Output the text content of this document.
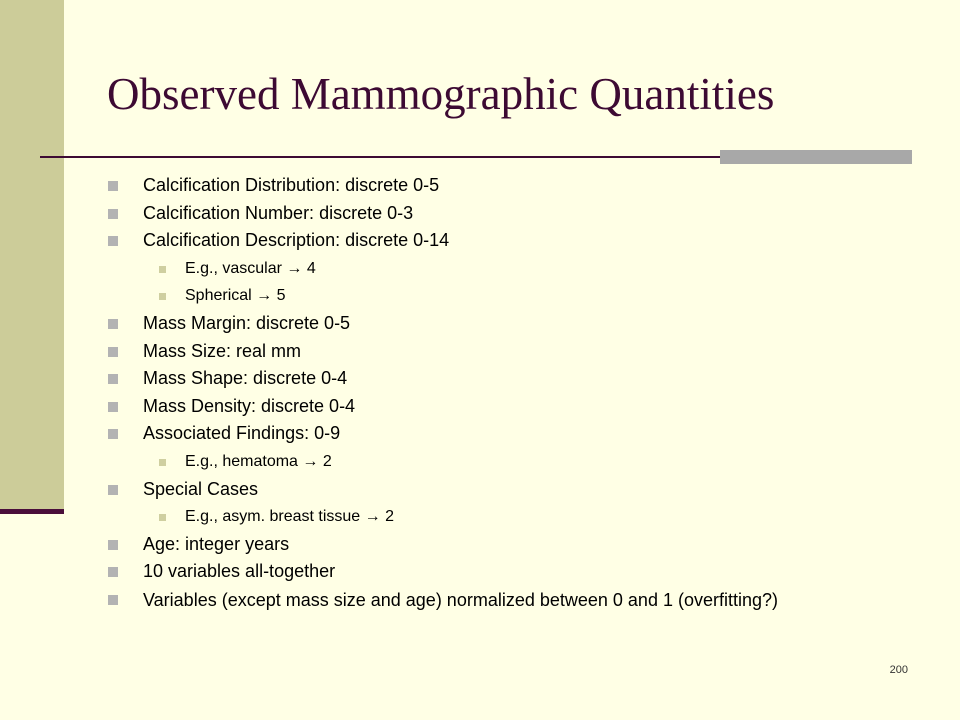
Observed Mammographic Quantities
Calcification Distribution: discrete 0-5
Calcification Number: discrete 0-3
Calcification Description: discrete 0-14
E.g., vascular → 4
Spherical → 5
Mass Margin: discrete 0-5
Mass Size: real mm
Mass Shape: discrete 0-4
Mass Density: discrete 0-4
Associated Findings: 0-9
E.g., hematoma → 2
Special Cases
E.g., asym. breast tissue → 2
Age: integer years
10 variables all-together
Variables (except mass size and age) normalized between 0 and 1 (overfitting?)
200
